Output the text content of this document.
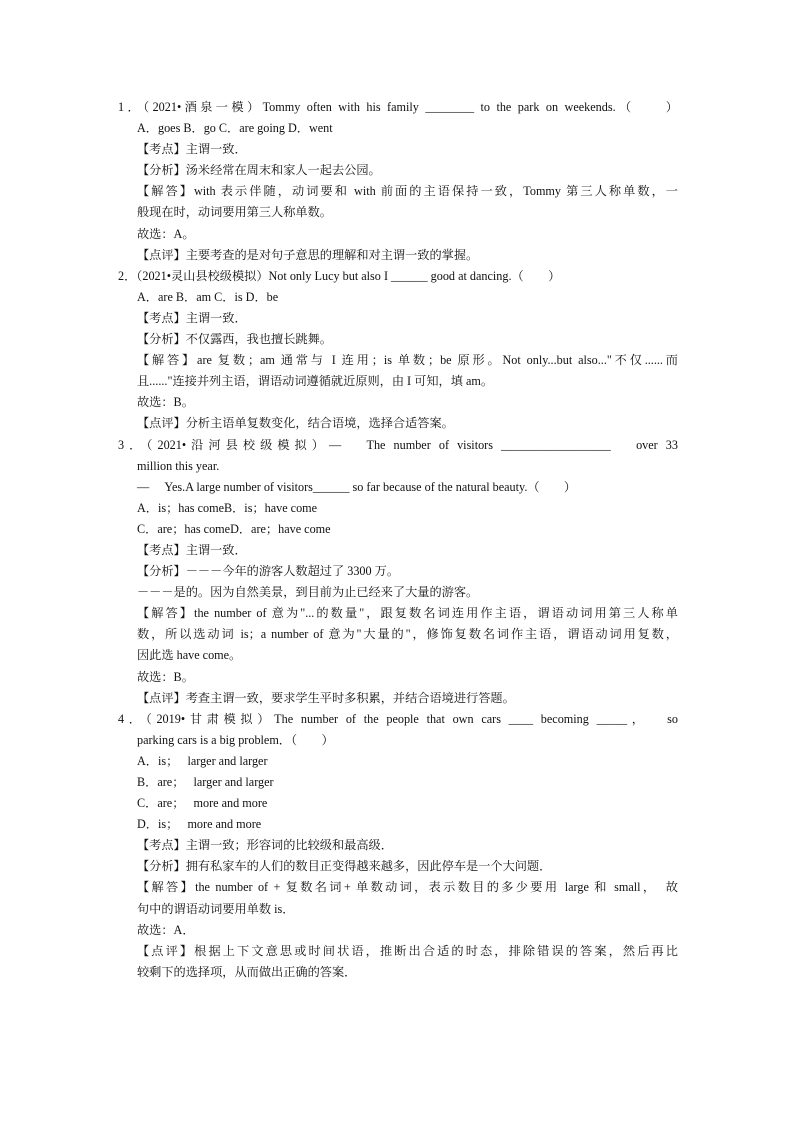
1．（2021•酒泉一模）Tommy often with his family ________ to the park on weekends.（　　）
A．goes B．go C．are going D．went
【考点】主谓一致．
【分析】汤米经常在周末和家人一起去公园。
【解答】with 表示伴随，动词要和 with 前面的主语保持一致，Tommy 第三人称单数，一
般现在时，动词要用第三人称单数。
故选：A。
【点评】主要考查的是对句子意思的理解和对主谓一致的掌握。
2．（2021•灵山县校级模拟）Not only Lucy but also I ______ good at dancing.（　　）
A．are B．am C．is D．be
【考点】主谓一致．
【分析】不仅露西，我也擅长跳舞。
【解答】are 复数；am 通常与 I 连用；is 单数；be 原形。Not only...but also..."不仅......而
且......"连接并列主语，谓语动词遵循就近原则，由 I 可知，填 am。
故选：B。
【点评】分析主语单复数变化，结合语境，选择合适答案。
3．（2021•沿河县校级模拟）— 　The number of visitors __________________ 　over 33
million this year.
— 　Yes.A large number of visitors______ so far because of the natural beauty.（　　）
A．is；has comeB．is；have come
C．are；has comeD．are；have come
【考点】主谓一致．
【分析】－－－今年的游客人数超过了 3300 万。
－－－是的。因为自然美景，到目前为止已经来了大量的游客。
【解答】the number of 意为"...的数量"，跟复数名词连用作主语，谓语动词用第三人称单
数，所以选动词 is；a number of 意为"大量的"，修饰复数名词作主语，谓语动词用复数，
因此选 have come。
故选：B。
【点评】考查主谓一致，要求学生平时多积累，并结合语境进行答题。
4．（2019•甘肃模拟）The number of the people that own cars ____ becoming _____，　 so
parking cars is a big problem．（　　）
A．is；　 larger and larger
B．are；　 larger and larger
C．are；　 more and more
D．is；　 more and more
【考点】主谓一致；形容词的比较级和最高级．
【分析】拥有私家车的人们的数目正变得越来越多，因此停车是一个大问题．
【解答】the number of + 复数名词+ 单数动词，表示数目的多少要用 large 和 small，　故
句中的谓语动词要用单数 is．
故选：A．
【点评】根据上下文意思或时间状语，推断出合适的时态，排除错误的答案，然后再比
较剩下的选择项，从而做出正确的答案．
